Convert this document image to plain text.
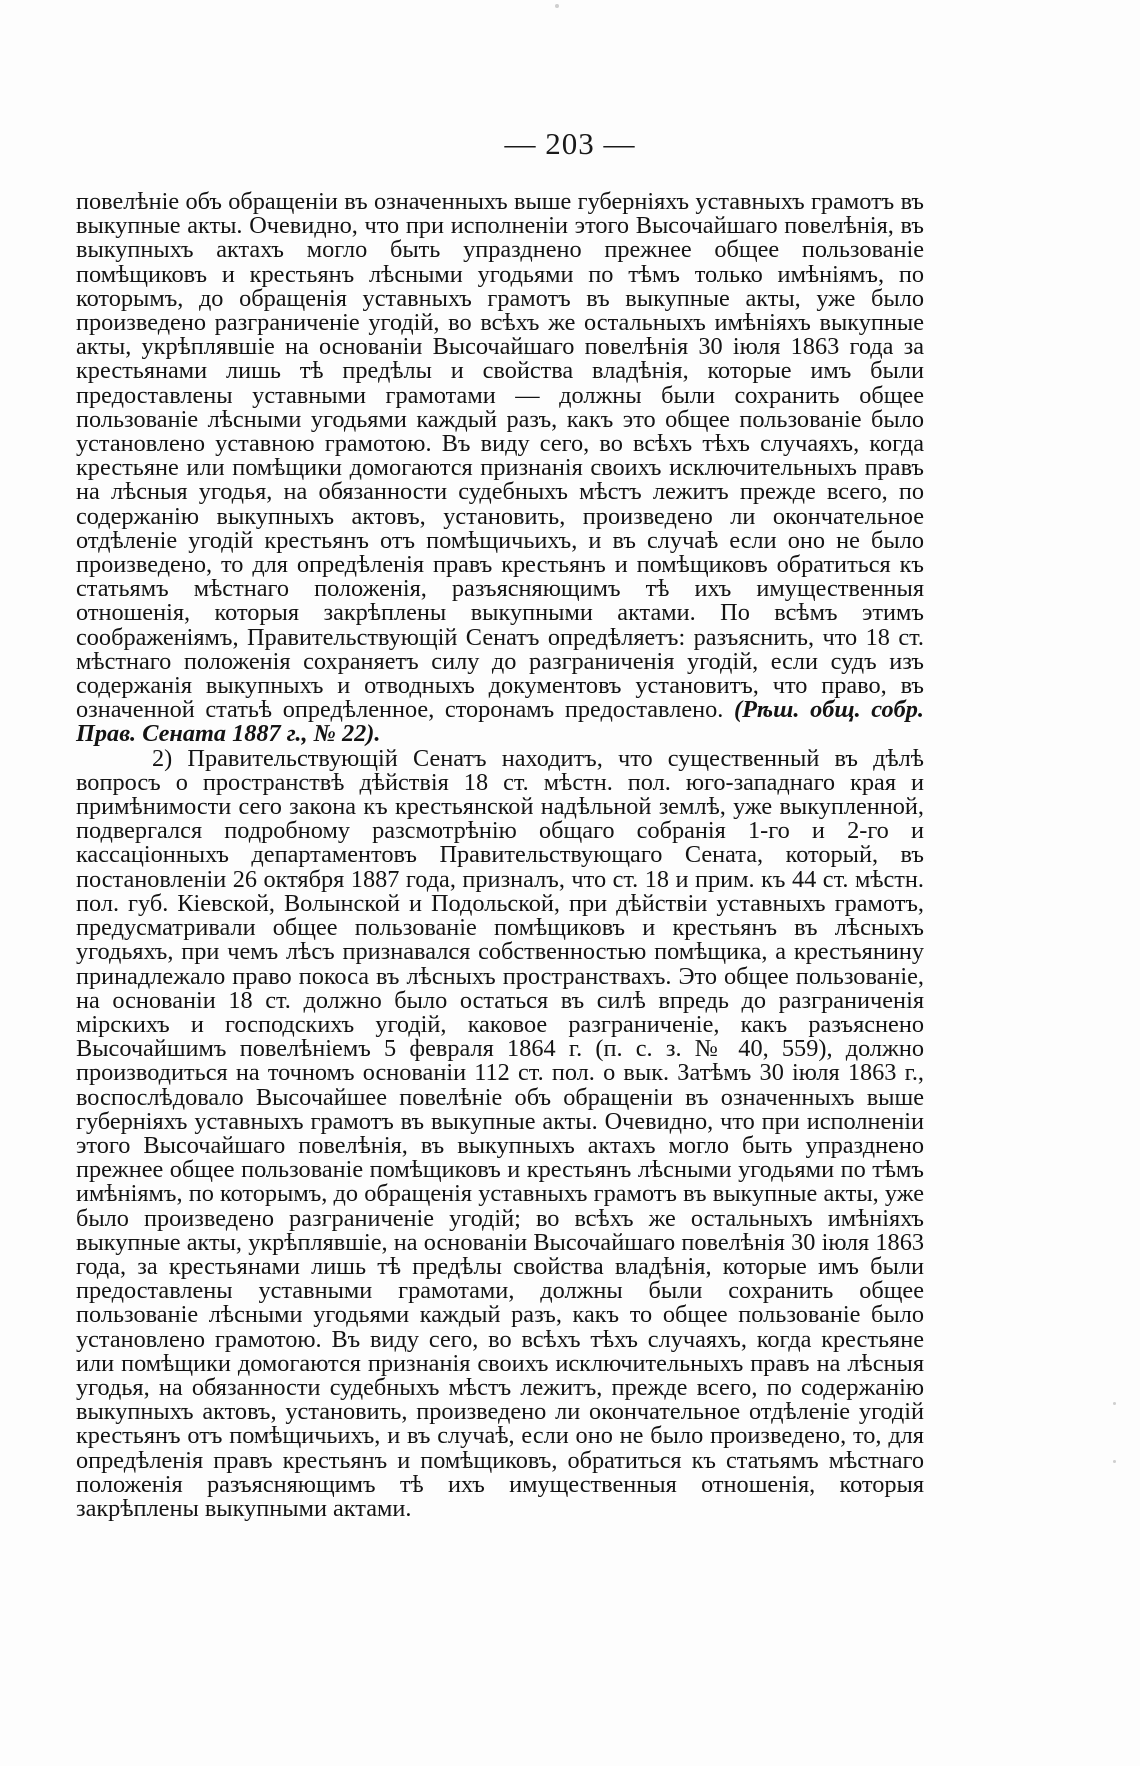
— 203 —

повелѣніе объ обращеніи въ означенныхъ выше губерніяхъ уставныхъ грамотъ въ выкупные акты. Очевидно, что при исполненіи этого Высочайшаго повелѣнія, въ выкупныхъ актахъ могло быть упразднено прежнее общее пользованіе помѣщиковъ и крестьянъ лѣсными угодьями по тѣмъ только имѣніямъ, по которымъ, до обращенія уставныхъ грамотъ въ выкупные акты, уже было произведено разграниченіе угодій, во всѣхъ же остальныхъ имѣніяхъ выкупные акты, укрѣплявшіе на основаніи Высочайшаго повелѣнія 30 іюля 1863 года за крестьянами лишь тѣ предѣлы и свойства владѣнія, которые имъ были предоставлены уставными грамотами — должны были сохранить общее пользованіе лѣсными угодьями каждый разъ, какъ это общее пользованіе было установлено уставною грамотою. Въ виду сего, во всѣхъ тѣхъ случаяхъ, когда крестьяне или помѣщики домогаются признанія своихъ исключительныхъ правъ на лѣсныя угодья, на обязанности судебныхъ мѣстъ лежитъ прежде всего, по содержанію выкупныхъ актовъ, установить, произведено ли окончательное отдѣленіе угодій крестьянъ отъ помѣщичьихъ, и въ случаѣ если оно не было произведено, то для опредѣленія правъ крестьянъ и помѣщиковъ обратиться къ статьямъ мѣстнаго положенія, разъясняющимъ тѣ ихъ имущественныя отношенія, которыя закрѣплены выкупными актами. По всѣмъ этимъ соображеніямъ, Правительствующій Сенатъ опредѣляетъ: разъяснить, что 18 ст. мѣстнаго положенія сохраняетъ силу до разграниченія угодій, если судъ изъ содержанія выкупныхъ и отводныхъ документовъ установитъ, что право, въ означенной статьѣ опредѣленное, сторонамъ предоставлено. (Рѣш. общ. собр. Прав. Сената 1887 г., № 22).

2) Правительствующій Сенатъ находитъ, что существенный въ дѣлѣ вопросъ о пространствѣ дѣйствія 18 ст. мѣстн. пол. юго-западнаго края и примѣнимости сего закона къ крестьянской надѣльной землѣ, уже выкупленной, подвергался подробному разсмотрѣнію общаго собранія 1-го и 2-го и кассаціонныхъ департаментовъ Правительствующаго Сената, который, въ постановленіи 26 октября 1887 года, призналъ, что ст. 18 и прим. къ 44 ст. мѣстн. пол. губ. Кіевской, Волынской и Подольской, при дѣйствіи уставныхъ грамотъ, предусматривали общее пользованіе помѣщиковъ и крестьянъ въ лѣсныхъ угодьяхъ, при чемъ лѣсъ признавался собственностью помѣщика, а крестьянину принадлежало право покоса въ лѣсныхъ пространствахъ. Это общее пользованіе, на основаніи 18 ст. должно было остаться въ силѣ впредь до разграниченія мірскихъ и господскихъ угодій, каковое разграниченіе, какъ разъяснено Высочайшимъ повелѣніемъ 5 февраля 1864 г. (п. с. з. № 40, 559), должно производиться на точномъ основаніи 112 ст. пол. о вык. Затѣмъ 30 іюля 1863 г., воспослѣдовало Высочайшее повелѣніе объ обращеніи въ означенныхъ выше губерніяхъ уставныхъ грамотъ въ выкупные акты. Очевидно, что при исполненіи этого Высочайшаго повелѣнія, въ выкупныхъ актахъ могло быть упразднено прежнее общее пользованіе помѣщиковъ и крестьянъ лѣсными угодьями по тѣмъ имѣніямъ, по которымъ, до обращенія уставныхъ грамотъ въ выкупные акты, уже было произведено разграниченіе угодій; во всѣхъ же остальныхъ имѣніяхъ выкупные акты, укрѣплявшіе, на основаніи Высочайшаго повелѣнія 30 іюля 1863 года, за крестьянами лишь тѣ предѣлы свойства владѣнія, которые имъ были предоставлены уставными грамотами, должны были сохранить общее пользованіе лѣсными угодьями каждый разъ, какъ то общее пользованіе было установлено грамотою. Въ виду сего, во всѣхъ тѣхъ случаяхъ, когда крестьяне или помѣщики домогаются признанія своихъ исключительныхъ правъ на лѣсныя угодья, на обязанности судебныхъ мѣстъ лежитъ, прежде всего, по содержанію выкупныхъ актовъ, установить, произведено ли окончательное отдѣленіе угодій крестьянъ отъ помѣщичьихъ, и въ случаѣ, если оно не было произведено, то, для опредѣленія правъ крестьянъ и помѣщиковъ, обратиться къ статьямъ мѣстнаго положенія разъясняющимъ тѣ ихъ имущественныя отношенія, которыя закрѣплены выкупными актами.
